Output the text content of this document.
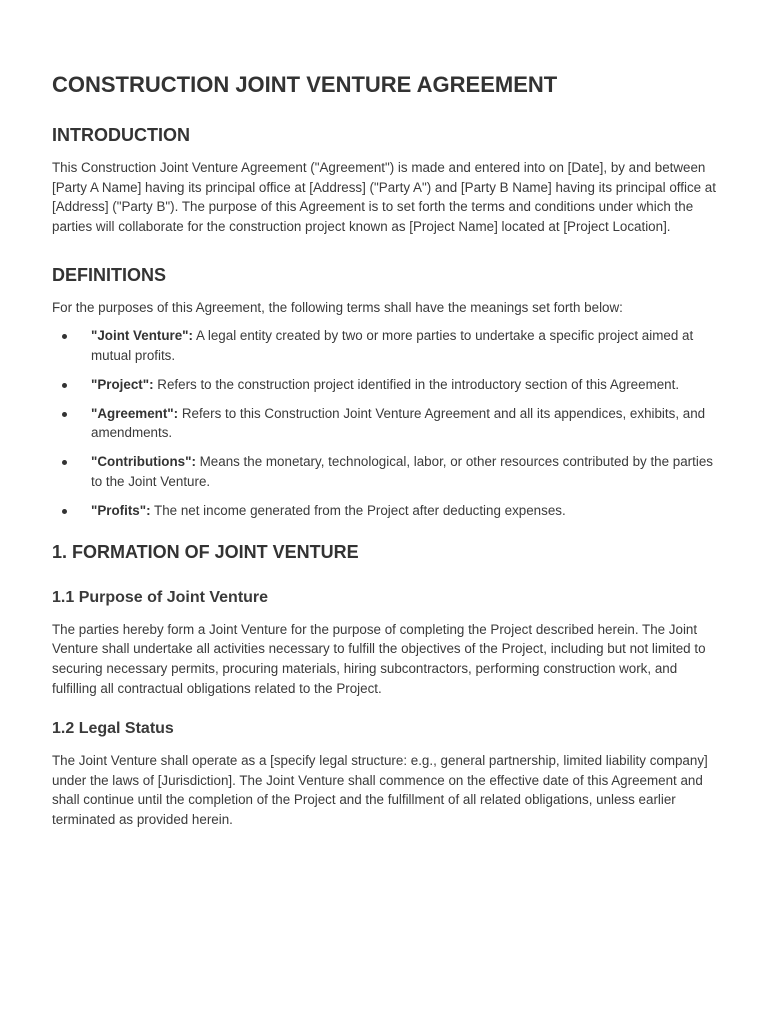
CONSTRUCTION JOINT VENTURE AGREEMENT
INTRODUCTION

This Construction Joint Venture Agreement ("Agreement") is made and entered into on [Date], by and between [Party A Name] having its principal office at [Address] ("Party A") and [Party B Name] having its principal office at [Address] ("Party B"). The purpose of this Agreement is to set forth the terms and conditions under which the parties will collaborate for the construction project known as [Project Name] located at [Project Location].

DEFINITIONS

For the purposes of this Agreement, the following terms shall have the meanings set forth below:

"Joint Venture": A legal entity created by two or more parties to undertake a specific project aimed at mutual profits.
"Project": Refers to the construction project identified in the introductory section of this Agreement.
"Agreement": Refers to this Construction Joint Venture Agreement and all its appendices, exhibits, and amendments.
"Contributions": Means the monetary, technological, labor, or other resources contributed by the parties to the Joint Venture.
"Profits": The net income generated from the Project after deducting expenses.
1. FORMATION OF JOINT VENTURE
1.1 Purpose of Joint Venture

The parties hereby form a Joint Venture for the purpose of completing the Project described herein. The Joint Venture shall undertake all activities necessary to fulfill the objectives of the Project, including but not limited to securing necessary permits, procuring materials, hiring subcontractors, performing construction work, and fulfilling all contractual obligations related to the Project.

1.2 Legal Status

The Joint Venture shall operate as a [specify legal structure: e.g., general partnership, limited liability company] under the laws of [Jurisdiction]. The Joint Venture shall commence on the effective date of this Agreement and shall continue until the completion of the Project and the fulfillment of all related obligations, unless earlier terminated as provided herein.
